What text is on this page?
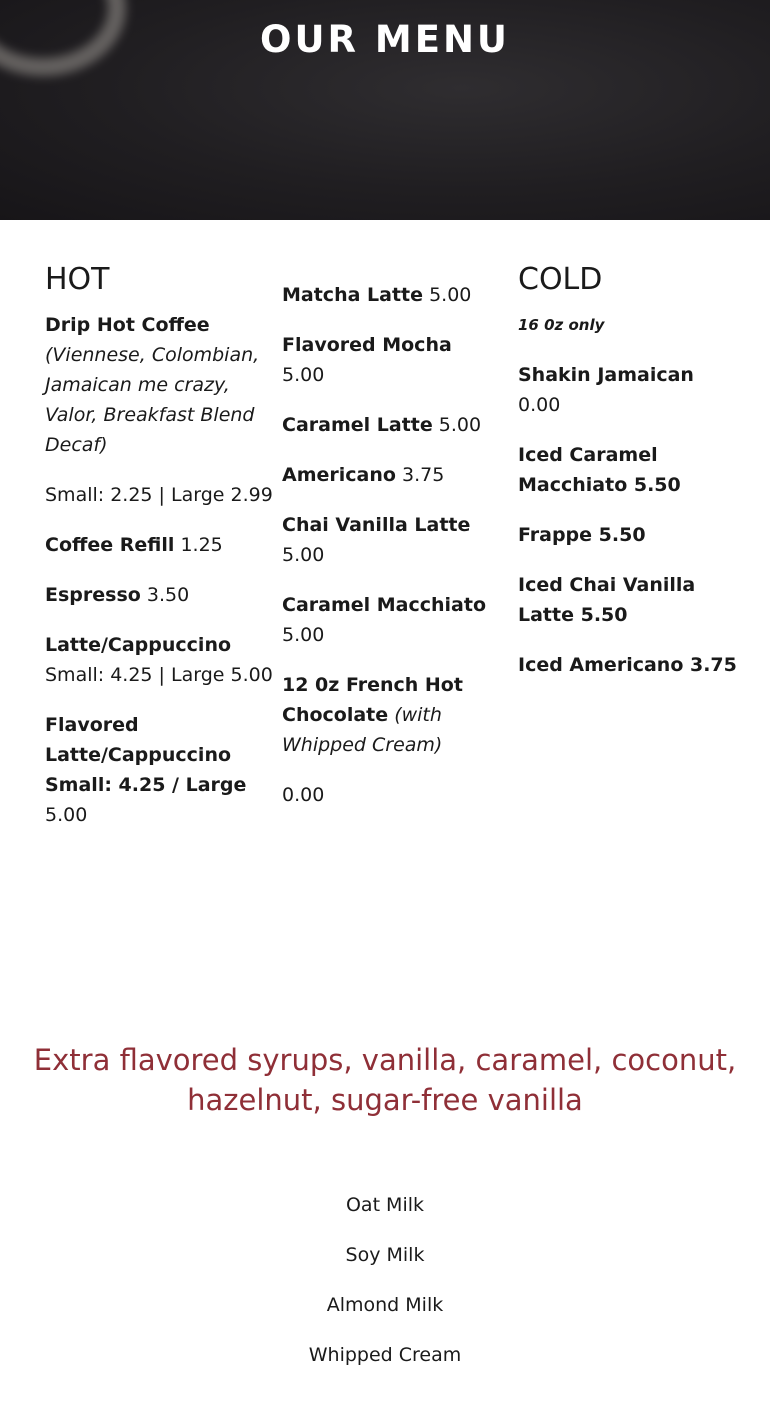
OUR MENU
HOT
Drip Hot Coffee (Viennese, Colombian, Jamaican me crazy, Valor, Breakfast Blend Decaf)
Small: 2.25 | Large 2.99
Coffee Refill 1.25
Espresso 3.50
Latte/Cappuccino Small: 4.25 | Large 5.00
Flavored Latte/Cappuccino Small: 4.25 / Large 5.00
Matcha Latte 5.00
Flavored Mocha 5.00
Caramel Latte 5.00
Americano 3.75
Chai Vanilla Latte 5.00
Caramel Macchiato 5.00
12 0z French Hot Chocolate (with Whipped Cream)
0.00
COLD
16 0z only
Shakin Jamaican 0.00
Iced Caramel Macchiato 5.50
Frappe 5.50
Iced Chai Vanilla Latte 5.50
Iced Americano 3.75
Extra flavored syrups, vanilla, caramel, coconut, hazelnut, sugar-free vanilla
Oat Milk
Soy Milk
Almond Milk
Whipped Cream
